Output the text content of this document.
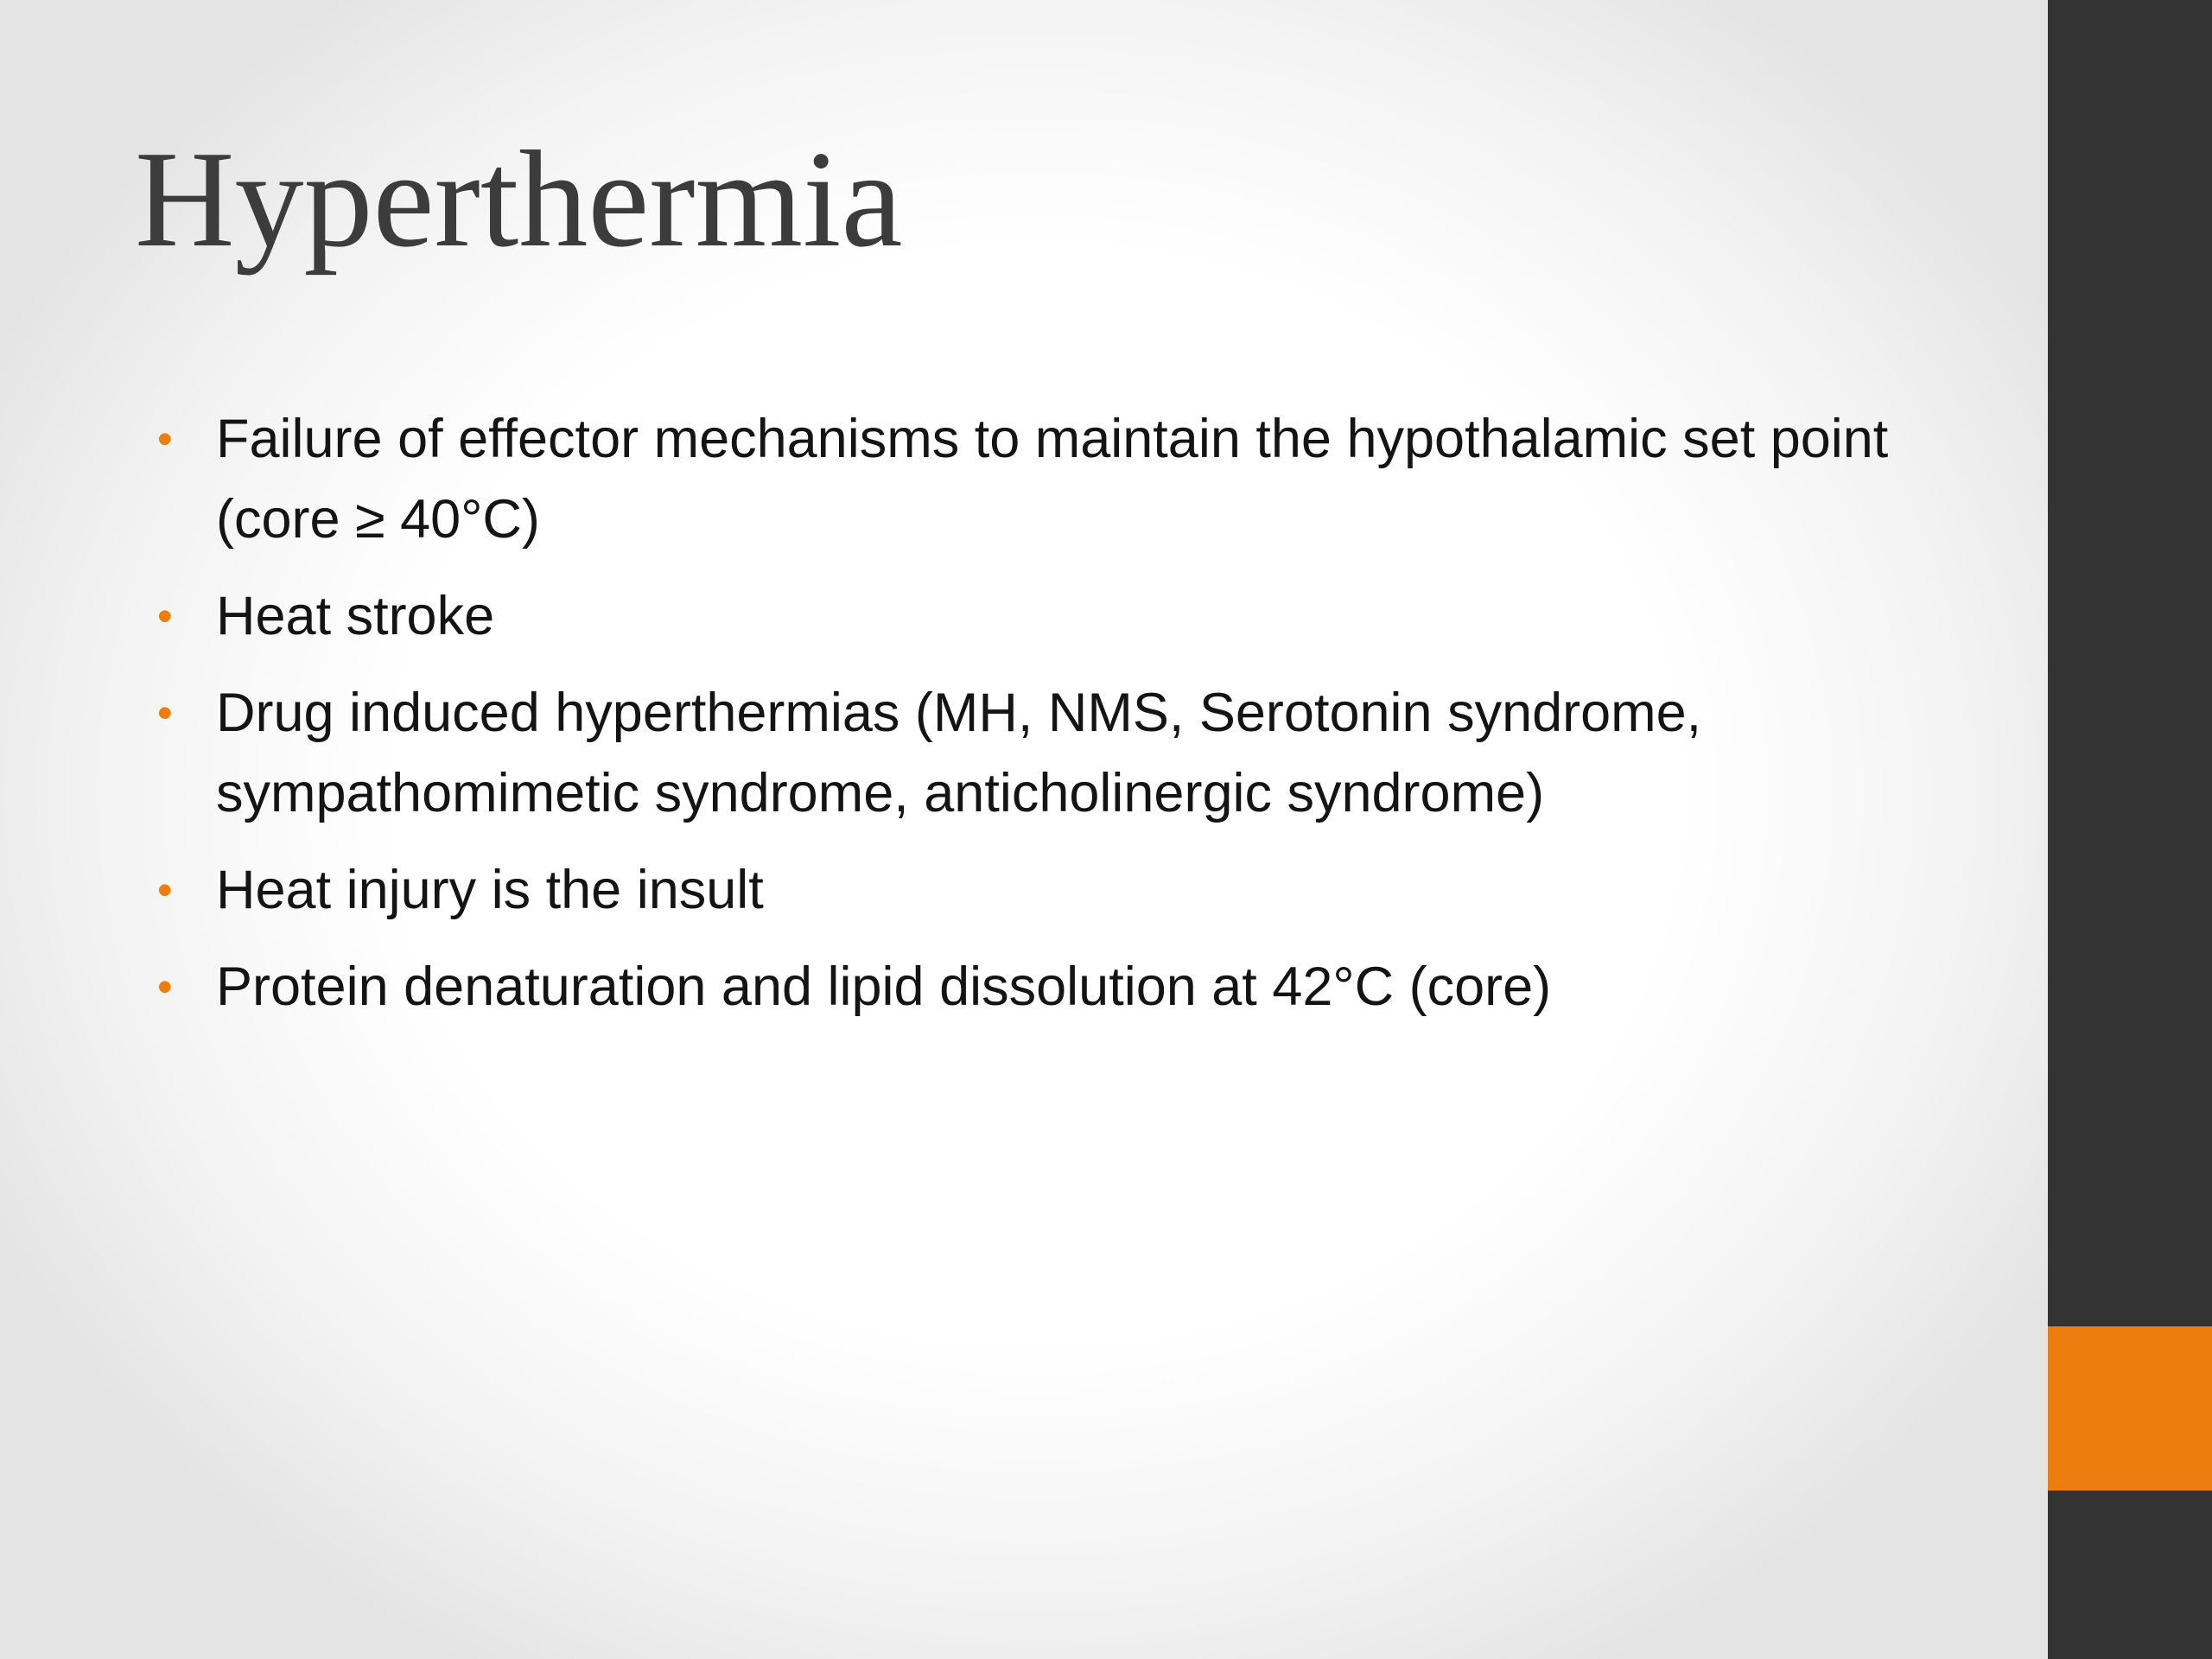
Hyperthermia
• Failure of effector mechanisms to maintain the hypothalamic set point (core ≥ 40°C)
• Heat stroke
• Drug induced hyperthermias (MH, NMS, Serotonin syndrome, sympathomimetic syndrome, anticholinergic syndrome)
• Heat injury is the insult
• Protein denaturation and lipid dissolution at 42°C (core)
